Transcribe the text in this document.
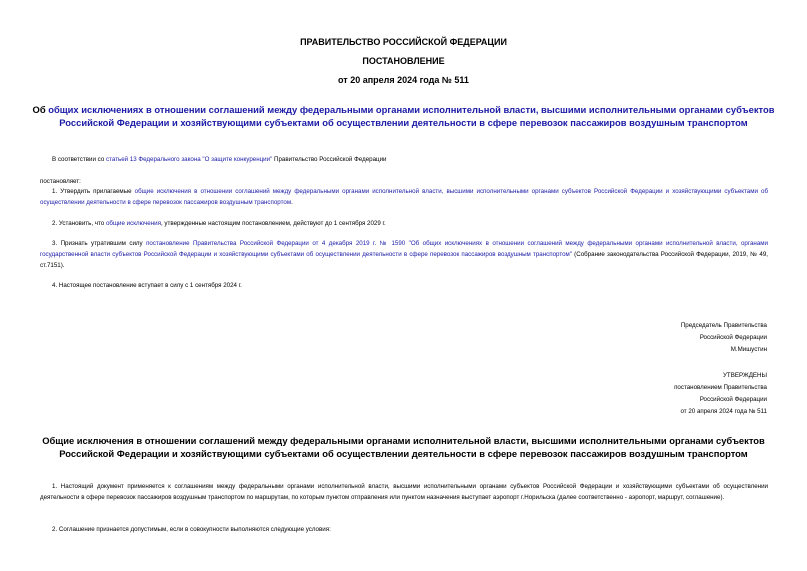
ПРАВИТЕЛЬСТВО РОССИЙСКОЙ ФЕДЕРАЦИИ
ПОСТАНОВЛЕНИЕ
от 20 апреля 2024 года № 511
Об общих исключениях в отношении соглашений между федеральными органами исполнительной власти, высшими исполнительными органами субъектов
Российской Федерации и хозяйствующими субъектами об осуществлении деятельности в сфере перевозок пассажиров воздушным транспортом
В соответствии со статьей 13 Федерального закона "О защите конкуренции" Правительство Российской Федерации
постановляет:
1. Утвердить прилагаемые общие исключения в отношении соглашений между федеральными органами исполнительной власти, высшими исполнительными органами субъектов Российской Федерации и хозяйствующими субъектами об осуществлении деятельности в сфере перевозок пассажиров воздушным транспортом.
2. Установить, что общие исключения, утвержденные настоящим постановлением, действуют до 1 сентября 2029 г.
3. Признать утратившим силу постановление Правительства Российской Федерации от 4 декабря 2019 г. № 1590 "Об общих исключениях в отношении соглашений между федеральными органами исполнительной власти, органами государственной власти субъектов Российской Федерации и хозяйствующими субъектами об осуществлении деятельности в сфере перевозок пассажиров воздушным транспортом" (Собрание законодательства Российской Федерации, 2019, № 49, ст.7151).
4. Настоящее постановление вступает в силу с 1 сентября 2024 г.
Председатель Правительства
Российской Федерации
М.Мишустин
УТВЕРЖДЕНЫ
постановлением Правительства
Российской Федерации
от 20 апреля 2024 года № 511
Общие исключения в отношении соглашений между федеральными органами исполнительной власти, высшими исполнительными органами субъектов
Российской Федерации и хозяйствующими субъектами об осуществлении деятельности в сфере перевозок пассажиров воздушным транспортом
1. Настоящий документ применяется к соглашениям между федеральными органами исполнительной власти, высшими исполнительными органами субъектов Российской Федерации и хозяйствующими субъектами об осуществлении деятельности в сфере перевозок пассажиров воздушным транспортом по маршрутам, по которым пунктом отправления или пунктом назначения выступает аэропорт г.Норильска (далее соответственно - аэропорт, маршрут, соглашение).
2. Соглашение признается допустимым, если в совокупности выполняются следующие условия:
